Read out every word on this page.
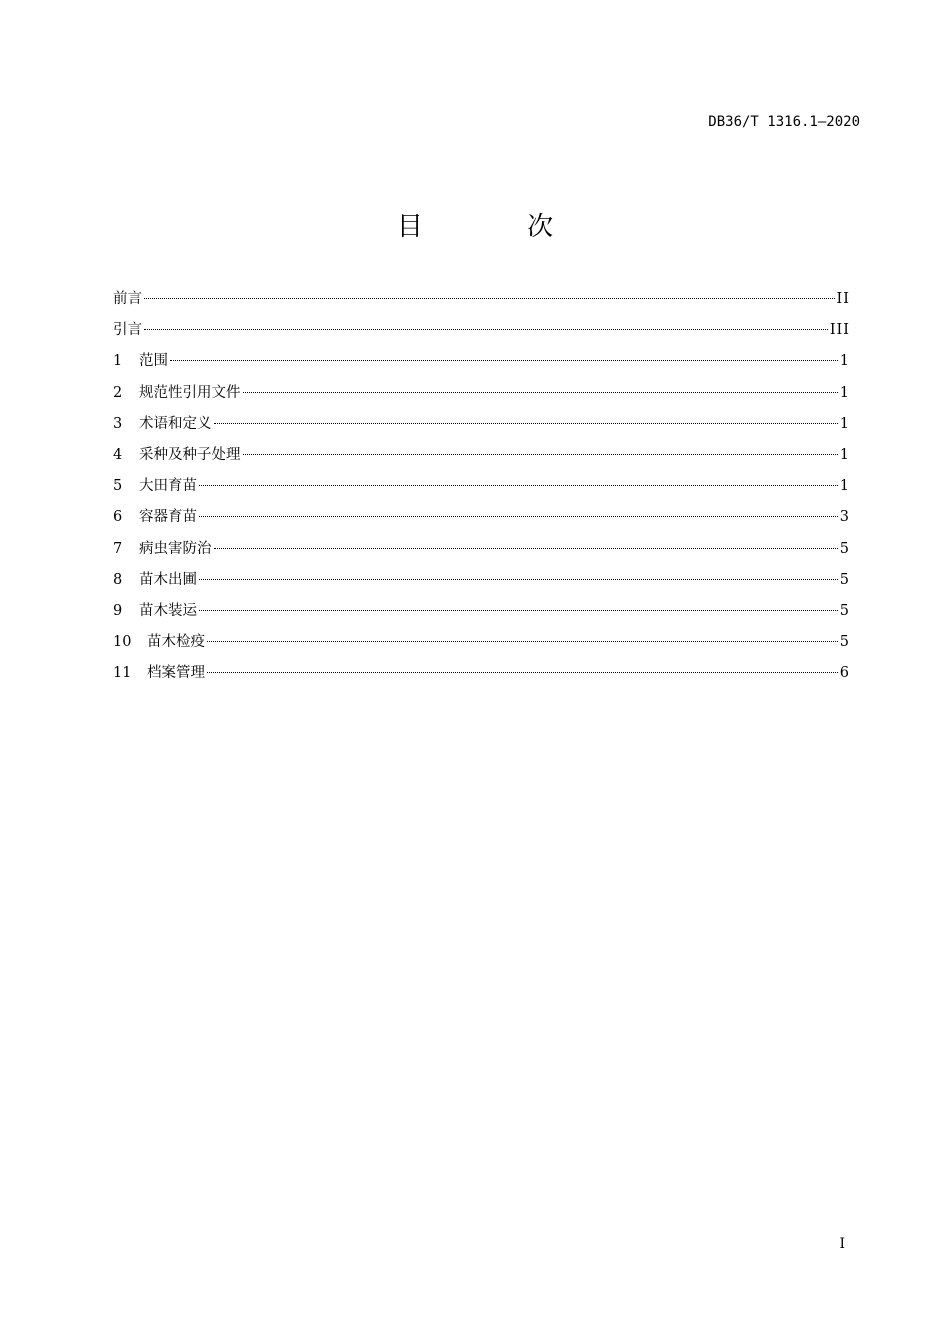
DB36/T 1316.1—2020
目 次
前言	II
引言	III
1	范围	1
2	规范性引用文件	1
3	术语和定义	1
4	采种及种子处理	1
5	大田育苗	1
6	容器育苗	3
7	病虫害防治	5
8	苗木出圃	5
9	苗木装运	5
10	苗木检疫	5
11	档案管理	6
I
